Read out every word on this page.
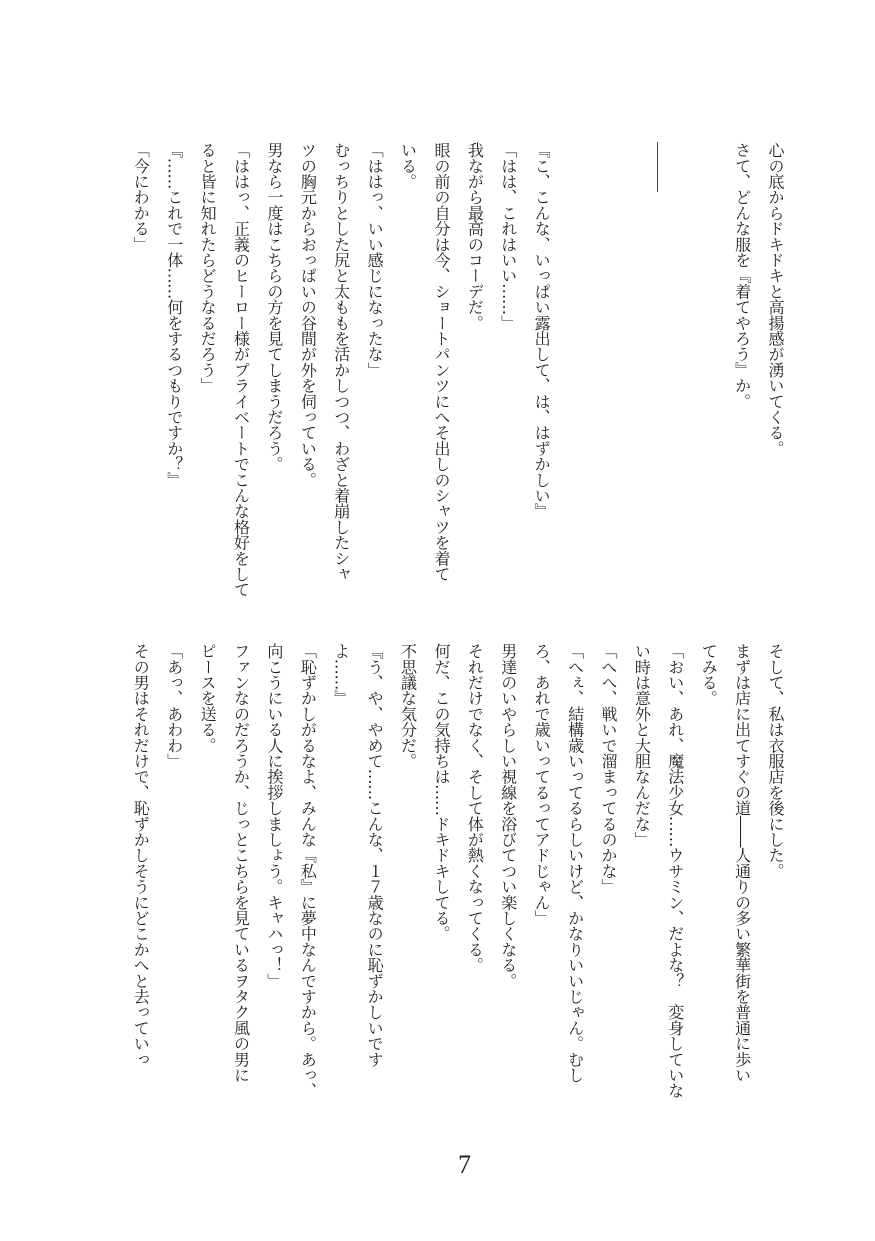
心の底からドキドキと高揚感が湧いてくる。
さて、どんな服を『着てやろう』か。
『こ、こんな、いっぱい露出して、は、はずかしい』
「はは、これはいい……」
我ながら最高のコーデだ。
眼の前の自分は今、ショートパンツにへそ出しのシャツを着て
いる。
「ははっ、いい感じになったな」
むっちりとした尻と太ももを活かしつつ、わざと着崩したシャ
ツの胸元からおっぱいの谷間が外を伺っている。
男なら一度はこちらの方を見てしまうだろう。
「ははっ、正義のヒーロー様がプライベートでこんな格好をして
ると皆に知れたらどうなるだろう」
『……これで一体……何をするつもりですか？』
「今にわかる」
そして、私は衣服店を後にした。
まずは店に出てすぐの道――人通りの多い繁華街を普通に歩い
てみる。
「おい、あれ、魔法少女……ウサミン、だよな？　変身していな
い時は意外と大胆なんだな」
「へへ、戦いで溜まってるのかな」
「へぇ、結構歳いってるらしいけど、かなりいいじゃん。むし
ろ、あれで歳いってるってアドじゃん」
男達のいやらしい視線を浴びてつい楽しくなる。
それだけでなく、そして体が熱くなってくる。
何だ、この気持ちは……ドキドキしてる。
不思議な気分だ。
『う、や、やめて……こんな、１７歳なのに恥ずかしいです
よ……』
「恥ずかしがるなよ、みんな『私』に夢中なんですから。あっ、
向こうにいる人に挨拶しましょう。キャハっ！」
ファンなのだろうか、じっとこちらを見ているヲタク風の男に
ピースを送る。
「あっ、あわわ」
その男はそれだけで、恥ずかしそうにどこかへと去っていっ
7
